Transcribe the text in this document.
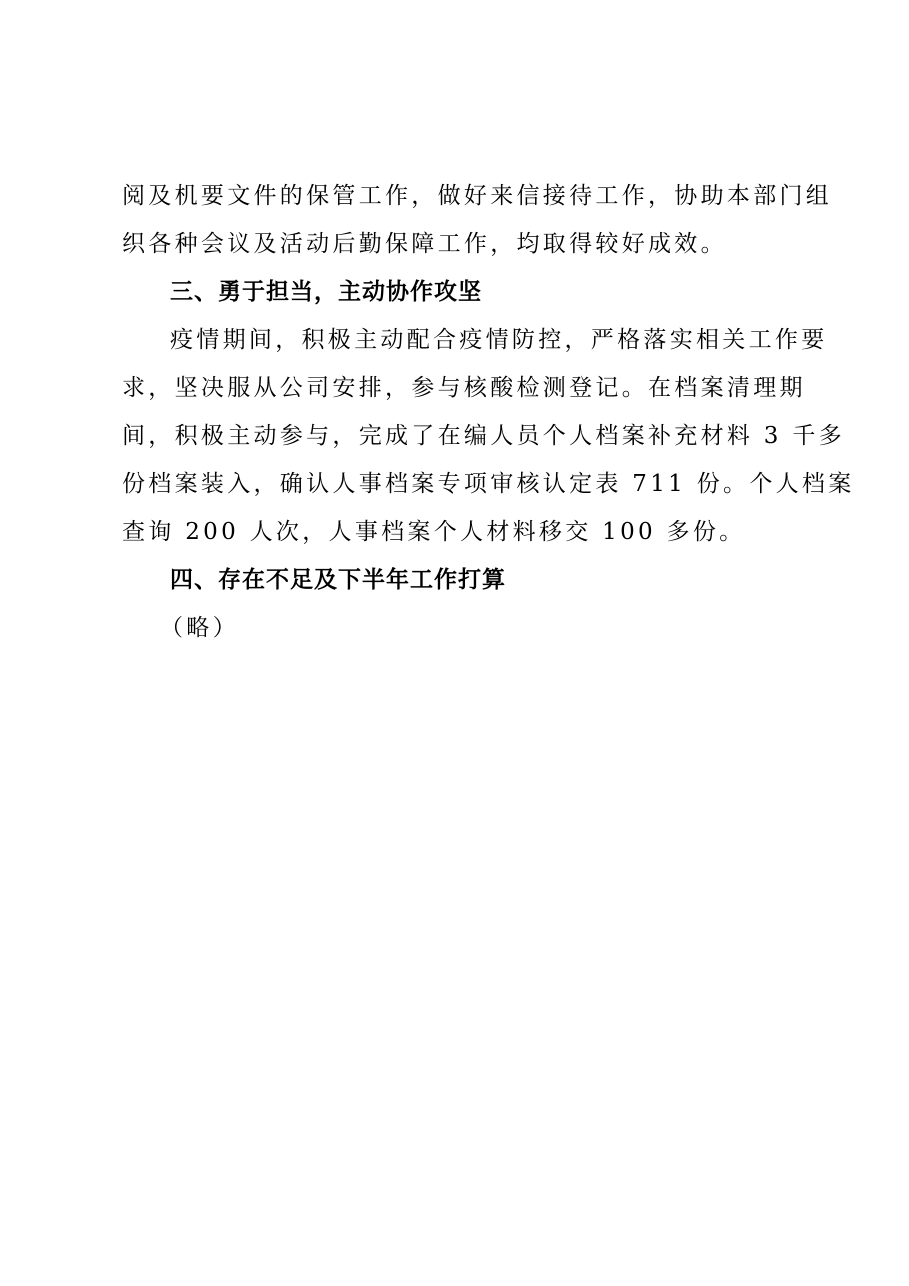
阅及机要文件的保管工作，做好来信接待工作，协助本部门组
织各种会议及活动后勤保障工作，均取得较好成效。
三、勇于担当，主动协作攻坚
疫情期间，积极主动配合疫情防控，严格落实相关工作要
求，坚决服从公司安排，参与核酸检测登记。在档案清理期
间，积极主动参与，完成了在编人员个人档案补充材料 3 千多
份档案装入，确认人事档案专项审核认定表 711 份。个人档案
查询 200 人次，人事档案个人材料移交 100 多份。
四、存在不足及下半年工作打算
（略）
